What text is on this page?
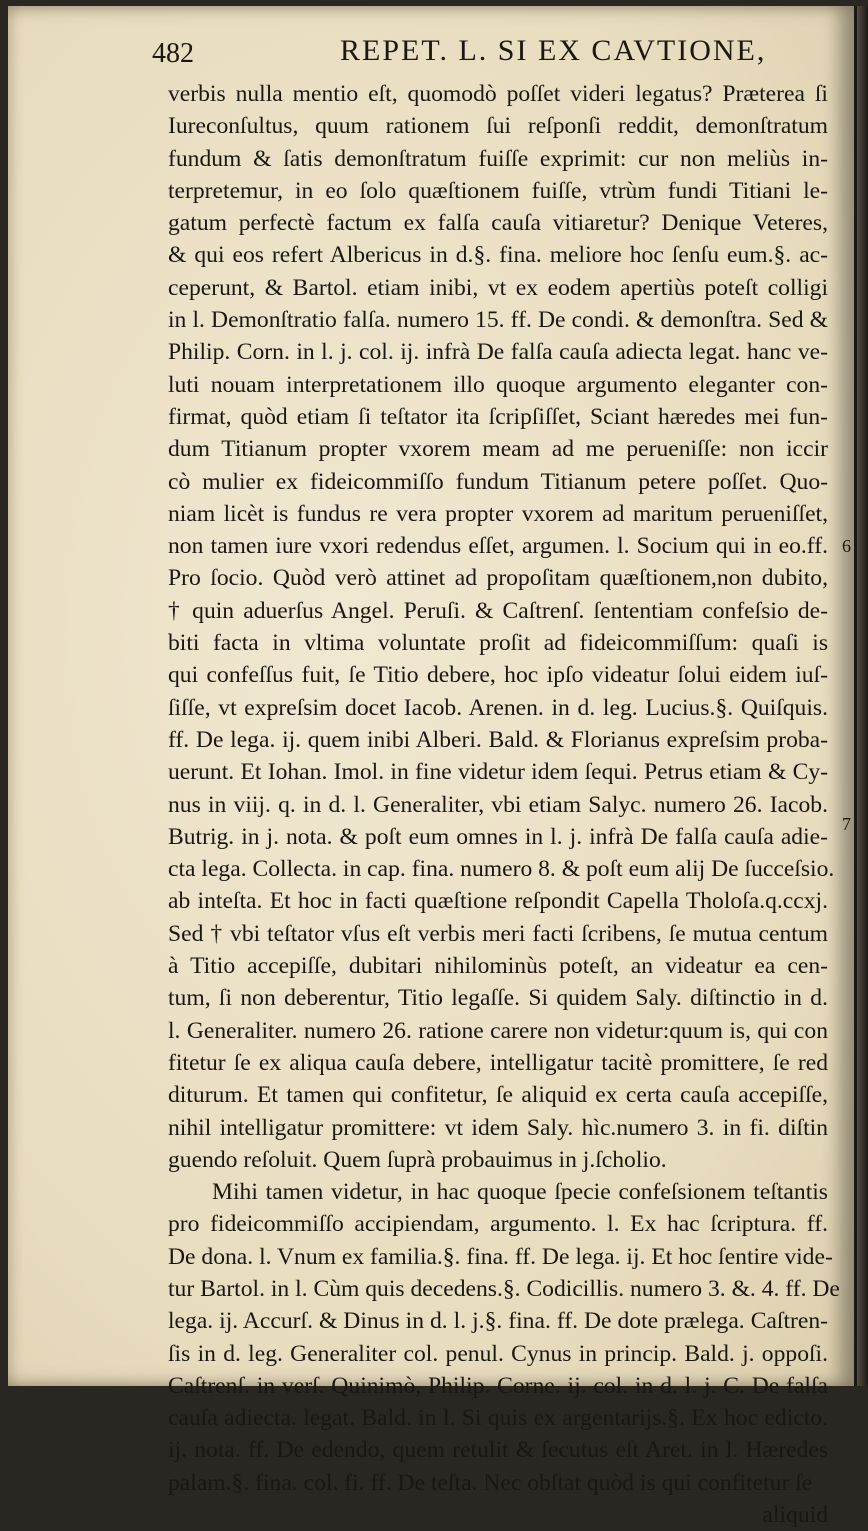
482	REPET. L. SI EX CAVTIONE,
6
7
verbis nulla mentio eſt, quomodò poſſet videri legatus? Præterea ſi
Iureconſultus, quum rationem ſui reſponſi reddit, demonſtratum
fundum & ſatis demonſtratum fuiſſe exprimit: cur non meliùs in-
terpretemur, in eo ſolo quæſtionem fuiſſe, vtrùm fundi Titiani le-
gatum perfectè factum ex falſa cauſa vitiaretur? Denique Veteres,
& qui eos refert Albericus in d.§. fina. meliore hoc ſenſu eum.§. ac-
ceperunt, & Bartol. etiam inibi, vt ex eodem apertiùs poteſt colligi
in l. Demonſtratio falſa. numero 15. ff. De condi. & demonſtra. Sed &
Philip. Corn. in l. j. col. ij. infrà De falſa cauſa adiecta legat. hanc ve-
luti nouam interpretationem illo quoque argumento eleganter con-
firmat, quòd etiam ſi teſtator ita ſcripſiſſet, Sciant hæredes mei fun-
dum Titianum propter vxorem meam ad me perueniſſe: non iccir
cò mulier ex fideicommiſſo fundum Titianum petere poſſet. Quo-
niam licèt is fundus re vera propter vxorem ad maritum perueniſſet,
non tamen iure vxori redendus eſſet, argumen. l. Socium qui in eo.ff.
Pro ſocio. Quòd verò attinet ad propoſitam quæſtionem,non dubito,
† quin aduerſus Angel. Peruſi. & Caſtrenſ. ſententiam confeſsio de-
biti facta in vltima voluntate proſit ad fideicommiſſum: quaſi is
qui confeſſus fuit, ſe Titio debere, hoc ipſo videatur ſolui eidem iuſ-
ſiſſe, vt expreſsim docet Iacob. Arenen. in d. leg. Lucius.§. Quiſquis.
ff. De lega. ij. quem inibi Alberi. Bald. & Florianus expreſsim proba-
uerunt. Et Iohan. Imol. in fine videtur idem ſequi. Petrus etiam & Cy-
nus in viij. q. in d. l. Generaliter, vbi etiam Salyc. numero 26. Iacob.
Butrig. in j. nota. & poſt eum omnes in l. j. infrà De falſa cauſa adie-
cta lega. Collecta. in cap. fina. numero 8. & poſt eum alij De ſucceſsio.
ab inteſta. Et hoc in facti quæſtione reſpondit Capella Tholoſa.q.ccxj.
Sed † vbi teſtator vſus eſt verbis meri facti ſcribens, ſe mutua centum
à Titio accepiſſe, dubitari nihilominùs poteſt, an videatur ea cen-
tum, ſi non deberentur, Titio legaſſe. Si quidem Saly. diſtinctio in d.
l. Generaliter. numero 26. ratione carere non videtur:quum is, qui con
fitetur ſe ex aliqua cauſa debere, intelligatur tacitè promittere, ſe red
diturum. Et tamen qui confitetur, ſe aliquid ex certa cauſa accepiſſe,
nihil intelligatur promittere: vt idem Saly. hìc.numero 3. in fi. diſtin
guendo reſoluit. Quem ſuprà probauimus in j.ſcholio.
Mihi tamen videtur, in hac quoque ſpecie confeſsionem teſtantis
pro fideicommiſſo accipiendam, argumento. l. Ex hac ſcriptura. ff.
De dona. l. Vnum ex familia.§. fina. ff. De lega. ij. Et hoc ſentire vide-
tur Bartol. in l. Cùm quis decedens.§. Codicillis. numero 3. &. 4. ff. De
lega. ij. Accurſ. & Dinus in d. l. j.§. fina. ff. De dote prælega. Caſtren-
ſis in d. leg. Generaliter col. penul. Cynus in princip. Bald. j. oppoſi.
Caſtrenſ. in verſ. Quinimò, Philip. Corne. ij. col. in d. l. j. C. De falſa
cauſa adiecta. legat. Bald. in l. Si quis ex argentarijs.§. Ex hoc edicto.
ij. nota. ff. De edendo, quem retulit & ſecutus eſt Aret. in l. Hæredes
palam.§. fina. col. fi. ff. De teſta. Nec obſtat quòd is qui confitetur ſe
aliquid
